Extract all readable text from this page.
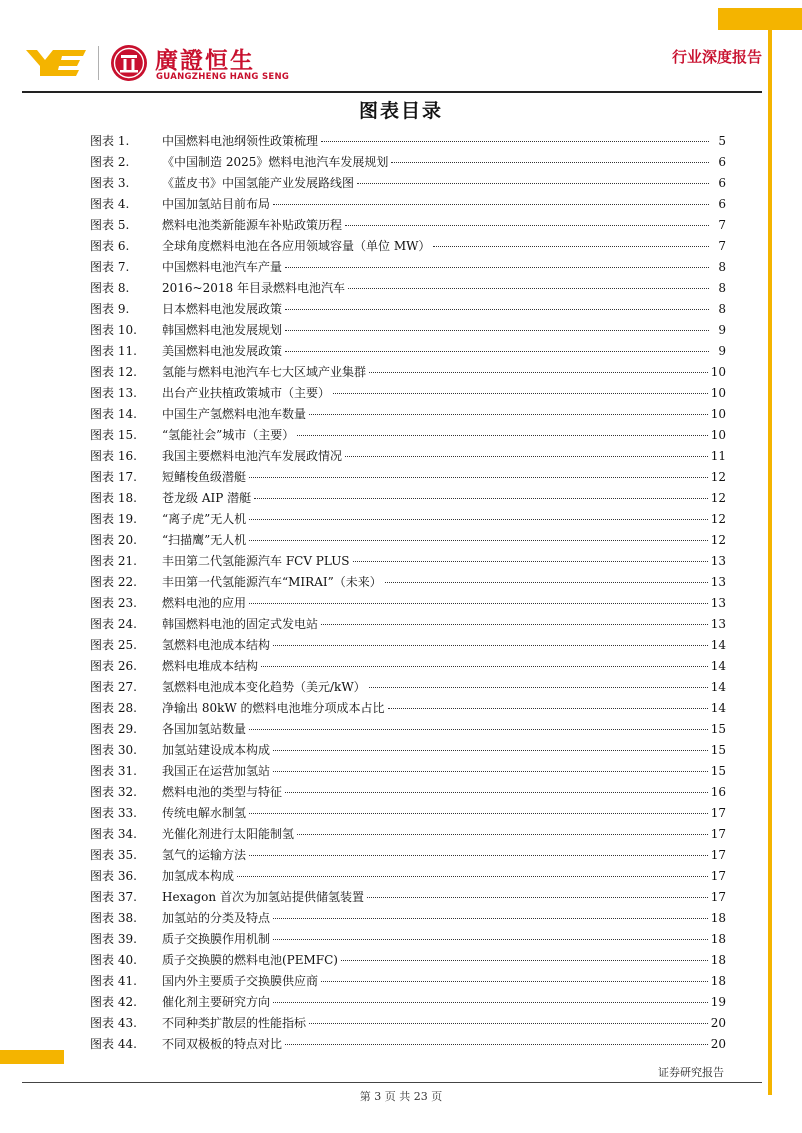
廣證恒生
GUANGZHENG HANG SENG
行业深度报告
图表目录
图表 1.	中国燃料电池纲领性政策梳理	5
图表 2.	《中国制造 2025》燃料电池汽车发展规划	6
图表 3.	《蓝皮书》中国氢能产业发展路线图	6
图表 4.	中国加氢站目前布局	6
图表 5.	燃料电池类新能源车补贴政策历程	7
图表 6.	全球角度燃料电池在各应用领域容量（单位 MW）	7
图表 7.	中国燃料电池汽车产量	8
图表 8.	2016~2018 年目录燃料电池汽车	8
图表 9.	日本燃料电池发展政策	8
图表 10.	韩国燃料电池发展规划	9
图表 11.	美国燃料电池发展政策	9
图表 12.	氢能与燃料电池汽车七大区域产业集群	10
图表 13.	出台产业扶植政策城市（主要）	10
图表 14.	中国生产氢燃料电池车数量	10
图表 15.	“氢能社会”城市（主要）	10
图表 16.	我国主要燃料电池汽车发展政情况	11
图表 17.	短鳍梭鱼级潜艇	12
图表 18.	苍龙级 AIP 潜艇	12
图表 19.	“离子虎”无人机	12
图表 20.	“扫描鹰”无人机	12
图表 21.	丰田第二代氢能源汽车 FCV PLUS	13
图表 22.	丰田第一代氢能源汽车“MIRAI”（未来）	13
图表 23.	燃料电池的应用	13
图表 24.	韩国燃料电池的固定式发电站	13
图表 25.	氢燃料电池成本结构	14
图表 26.	燃料电堆成本结构	14
图表 27.	氢燃料电池成本变化趋势（美元/kW）	14
图表 28.	净输出 80kW 的燃料电池堆分项成本占比	14
图表 29.	各国加氢站数量	15
图表 30.	加氢站建设成本构成	15
图表 31.	我国正在运营加氢站	15
图表 32.	燃料电池的类型与特征	16
图表 33.	传统电解水制氢	17
图表 34.	光催化剂进行太阳能制氢	17
图表 35.	氢气的运输方法	17
图表 36.	加氢成本构成	17
图表 37.	Hexagon 首次为加氢站提供储氢装置	17
图表 38.	加氢站的分类及特点	18
图表 39.	质子交换膜作用机制	18
图表 40.	质子交换膜的燃料电池(PEMFC)	18
图表 41.	国内外主要质子交换膜供应商	18
图表 42.	催化剂主要研究方向	19
图表 43.	不同种类扩散层的性能指标	20
图表 44.	不同双极板的特点对比	20
证券研究报告
第 3 页 共 23 页
